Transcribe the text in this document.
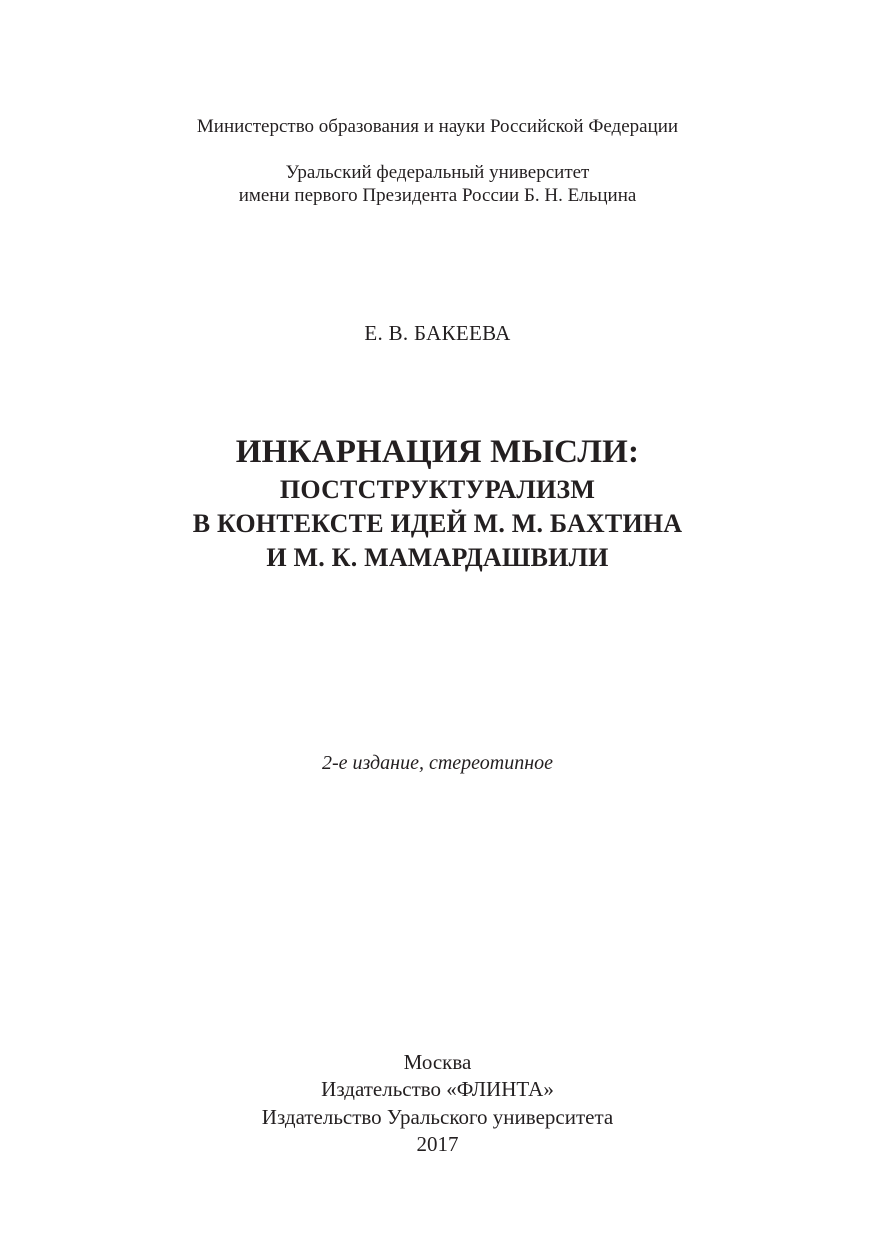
Министерство образования и науки Российской Федерации
Уральский федеральный университет
имени первого Президента России Б. Н. Ельцина
Е. В. БАКЕЕВА
ИНКАРНАЦИЯ МЫСЛИ:
ПОСТСТРУКТУРАЛИЗМ
В КОНТЕКСТЕ ИДЕЙ М. М. БАХТИНА
И М. К. МАМАРДАШВИЛИ
2-е издание, стереотипное
Москва
Издательство «ФЛИНТА»
Издательство Уральского университета
2017
